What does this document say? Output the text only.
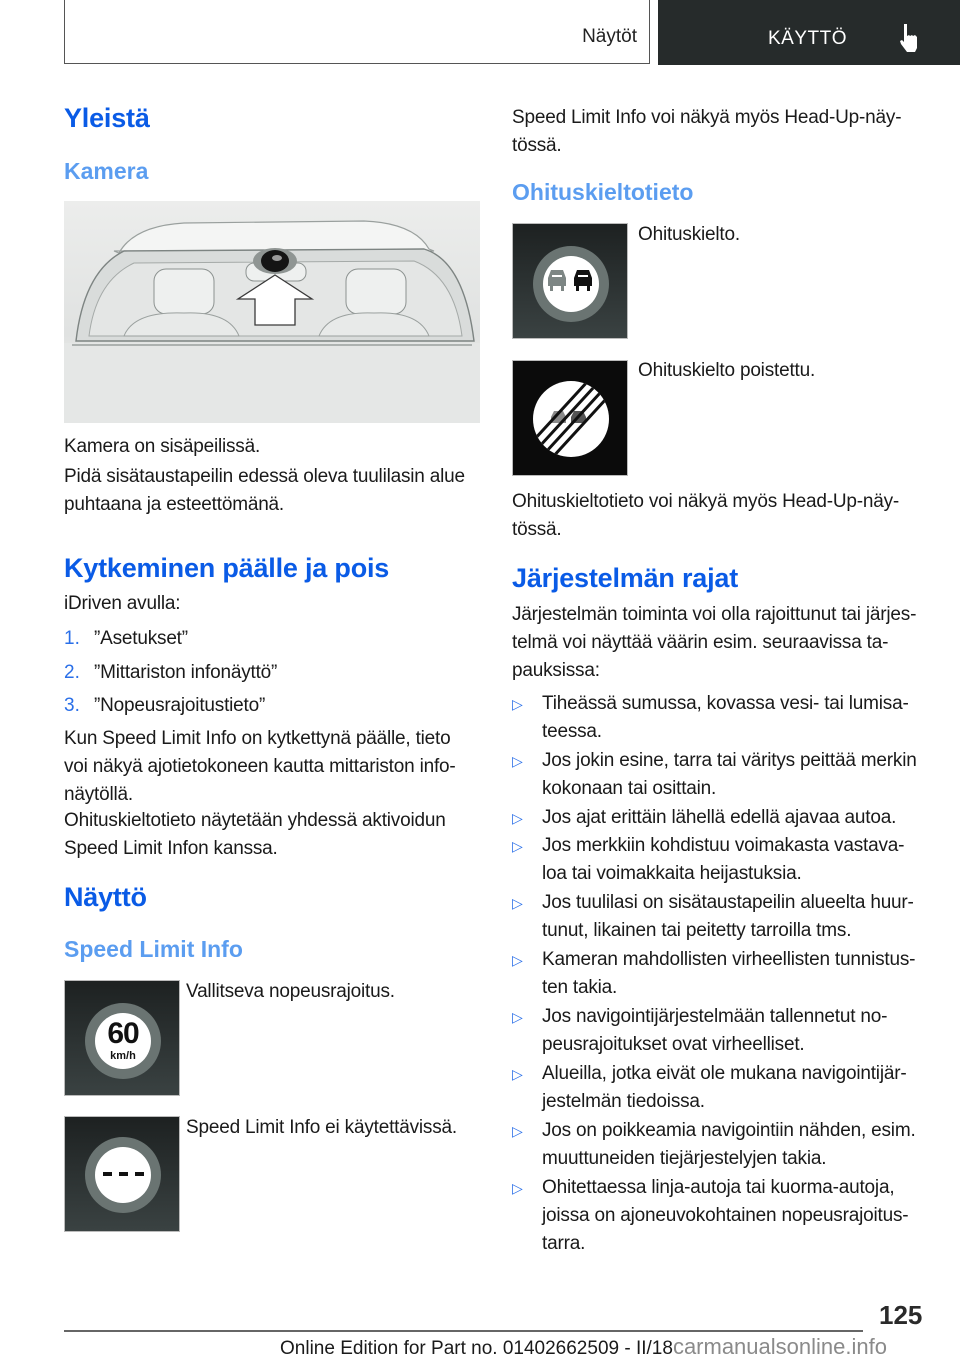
Näytöt	KÄYTTÖ
Yleistä
Kamera
Kamera on sisäpeilissä.
Pidä sisätaustapeilin edessä oleva tuulilasin alue
puhtaana ja esteettömänä.
Kytkeminen päälle ja pois
iDriven avulla:
1. ”Asetukset”
2. ”Mittariston infonäyttö”
3. ”Nopeusrajoitustieto”
Kun Speed Limit Info on kytkettynä päälle, tieto
voi näkyä ajotietokoneen kautta mittariston info-
näytöllä.
Ohituskieltotieto näytetään yhdessä aktivoidun
Speed Limit Infon kanssa.
Näyttö
Speed Limit Info
60
km/h
Vallitseva nopeusrajoitus.
Speed Limit Info ei käytettävissä.
Speed Limit Info voi näkyä myös Head-Up-näy-
tössä.
Ohituskieltotieto
Ohituskielto.
Ohituskielto poistettu.
Ohituskieltotieto voi näkyä myös Head-Up-näy-
tössä.
Järjestelmän rajat
Järjestelmän toiminta voi olla rajoittunut tai järjes-
telmä voi näyttää väärin esim. seuraavissa ta-
pauksissa:
▷ Tiheässä sumussa, kovassa vesi- tai lumisa-
teessa.
▷ Jos jokin esine, tarra tai väritys peittää merkin
kokonaan tai osittain.
▷ Jos ajat erittäin lähellä edellä ajavaa autoa.
▷ Jos merkkiin kohdistuu voimakasta vastava-
loa tai voimakkaita heijastuksia.
▷ Jos tuulilasi on sisätaustapeilin alueelta huur-
tunut, likainen tai peitetty tarroilla tms.
▷ Kameran mahdollisten virheellisten tunnistus-
ten takia.
▷ Jos navigointijärjestelmään tallennetut no-
peusrajoitukset ovat virheelliset.
▷ Alueilla, jotka eivät ole mukana navigointijär-
jestelmän tiedoissa.
▷ Jos on poikkeamia navigointiin nähden, esim.
muuttuneiden tiejärjestelyjen takia.
▷ Ohitettaessa linja-autoja tai kuorma-autoja,
joissa on ajoneuvokohtainen nopeusrajoitus-
tarra.
125
Online Edition for Part no. 01402662509 - II/18carmanualsonline.info
